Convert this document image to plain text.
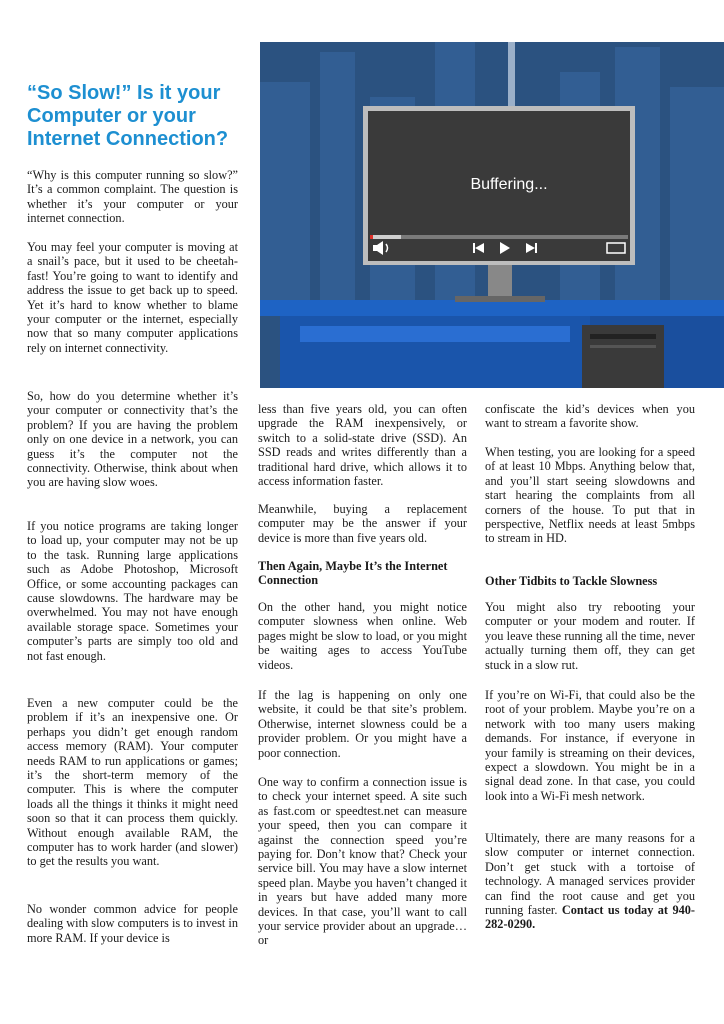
“So Slow!” Is it your Computer or your Internet Connection?

“Why is this computer running so slow?” It’s a common complaint. The question is whether it’s your computer or your internet connection.

You may feel your computer is moving at a snail’s pace, but it used to be cheetah-fast! You’re going to want to identify and address the issue to get back up to speed. Yet it’s hard to know whether to blame your computer or the internet, especially now that so many computer applications rely on internet connectivity.

So, how do you determine whether it’s your computer or connectivity that’s the problem? If you are having the problem only on one device in a network, you can guess it’s the computer not the connectivity. Otherwise, think about when you are having slow woes.

If you notice programs are taking longer to load up, your computer may not be up to the task. Running large applications such as Adobe Photoshop, Microsoft Office, or some accounting packages can cause slowdowns. The hardware may be overwhelmed. You may not have enough available storage space. Sometimes your computer’s parts are simply too old and not fast enough.

Even a new computer could be the problem if it’s an inexpensive one. Or perhaps you didn’t get enough random access memory (RAM). Your computer needs RAM to run applications or games; it’s the short-term memory of the computer. This is where the computer loads all the things it thinks it might need soon so that it can process them quickly. Without enough available RAM, the computer has to work harder (and slower) to get the results you want.

No wonder common advice for people dealing with slow computers is to invest in more RAM. If your device is

Buffering...

less than five years old, you can often upgrade the RAM inexpensively, or switch to a solid-state drive (SSD). An SSD reads and writes differently than a traditional hard drive, which allows it to access information faster.

Meanwhile, buying a replacement computer may be the answer if your device is more than five years old.

Then Again, Maybe It’s the Internet Connection

On the other hand, you might notice computer slowness when online. Web pages might be slow to load, or you might be waiting ages to access YouTube videos.

If the lag is happening on only one website, it could be that site’s problem. Otherwise, internet slowness could be a provider problem. Or you might have a poor connection.

One way to confirm a connection issue is to check your internet speed. A site such as fast.com or speedtest.net can measure your speed, then you can compare it against the connection speed you’re paying for. Don’t know that? Check your service bill. You may have a slow internet speed plan. Maybe you haven’t changed it in years but have added many more devices. In that case, you’ll want to call your service provider about an upgrade… or

confiscate the kid’s devices when you want to stream a favorite show.

When testing, you are looking for a speed of at least 10 Mbps. Anything below that, and you’ll start seeing slowdowns and start hearing the complaints from all corners of the house. To put that in perspective, Netflix needs at least 5mbps to stream in HD.

Other Tidbits to Tackle Slowness

You might also try rebooting your computer or your modem and router. If you leave these running all the time, never actually turning them off, they can get stuck in a slow rut.

If you’re on Wi-Fi, that could also be the root of your problem. Maybe you’re on a network with too many users making demands. For instance, if everyone in your family is streaming on their devices, expect a slowdown. You might be in a signal dead zone. In that case, you could look into a Wi-Fi mesh network.

Ultimately, there are many reasons for a slow computer or internet connection. Don’t get stuck with a tortoise of technology. A managed services provider can find the root cause and get you running faster. Contact us today at 940-282-0290.
